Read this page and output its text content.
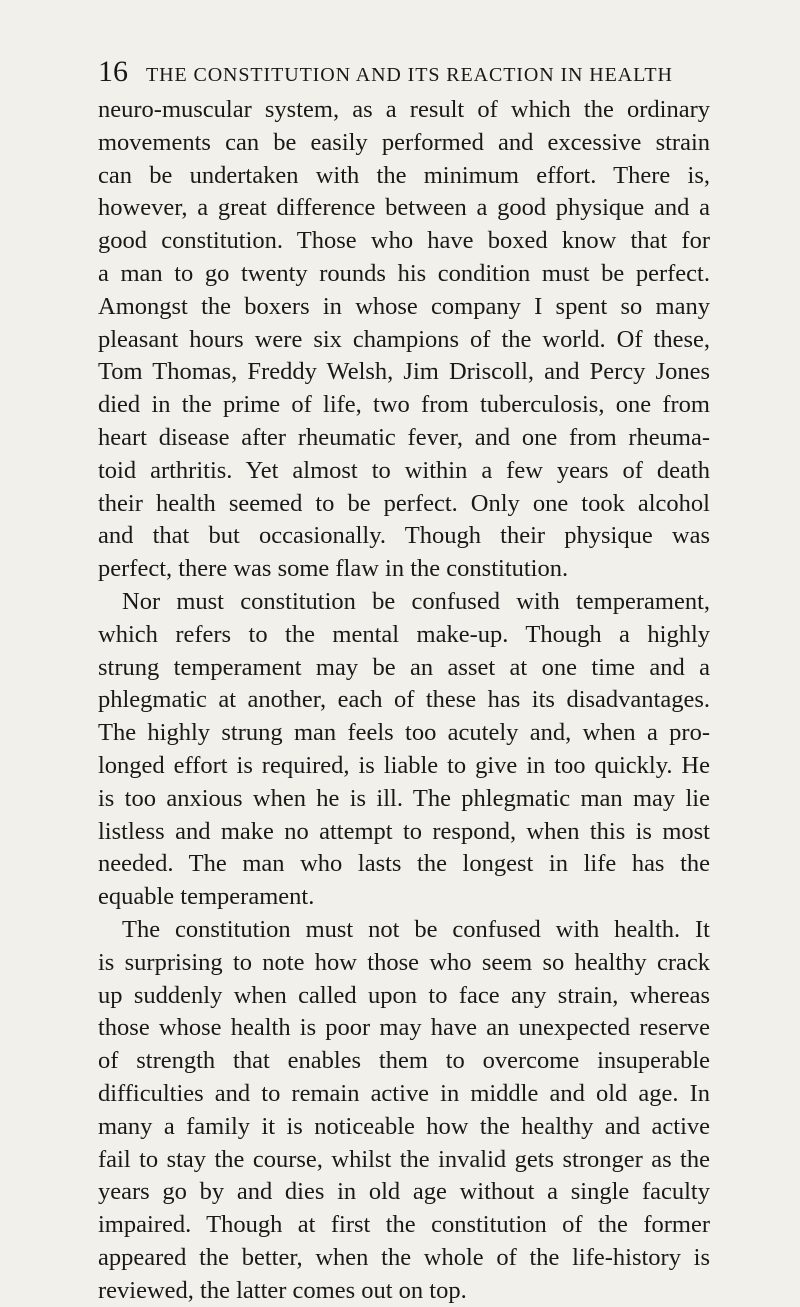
16 THE CONSTITUTION AND ITS REACTION IN HEALTH
neuro-muscular system, as a result of which the ordinary
movements can be easily performed and excessive strain
can be undertaken with the minimum effort. There is,
however, a great difference between a good physique and a
good constitution. Those who have boxed know that for
a man to go twenty rounds his condition must be perfect.
Amongst the boxers in whose company I spent so many
pleasant hours were six champions of the world. Of these,
Tom Thomas, Freddy Welsh, Jim Driscoll, and Percy Jones
died in the prime of life, two from tuberculosis, one from
heart disease after rheumatic fever, and one from rheuma-
toid arthritis. Yet almost to within a few years of death
their health seemed to be perfect. Only one took alcohol
and that but occasionally. Though their physique was
perfect, there was some flaw in the constitution.
Nor must constitution be confused with temperament,
which refers to the mental make-up. Though a highly
strung temperament may be an asset at one time and a
phlegmatic at another, each of these has its disadvantages.
The highly strung man feels too acutely and, when a pro-
longed effort is required, is liable to give in too quickly. He
is too anxious when he is ill. The phlegmatic man may lie
listless and make no attempt to respond, when this is most
needed. The man who lasts the longest in life has the
equable temperament.
The constitution must not be confused with health. It
is surprising to note how those who seem so healthy crack
up suddenly when called upon to face any strain, whereas
those whose health is poor may have an unexpected reserve
of strength that enables them to overcome insuperable
difficulties and to remain active in middle and old age. In
many a family it is noticeable how the healthy and active
fail to stay the course, whilst the invalid gets stronger as the
years go by and dies in old age without a single faculty
impaired. Though at first the constitution of the former
appeared the better, when the whole of the life-history is
reviewed, the latter comes out on top.
